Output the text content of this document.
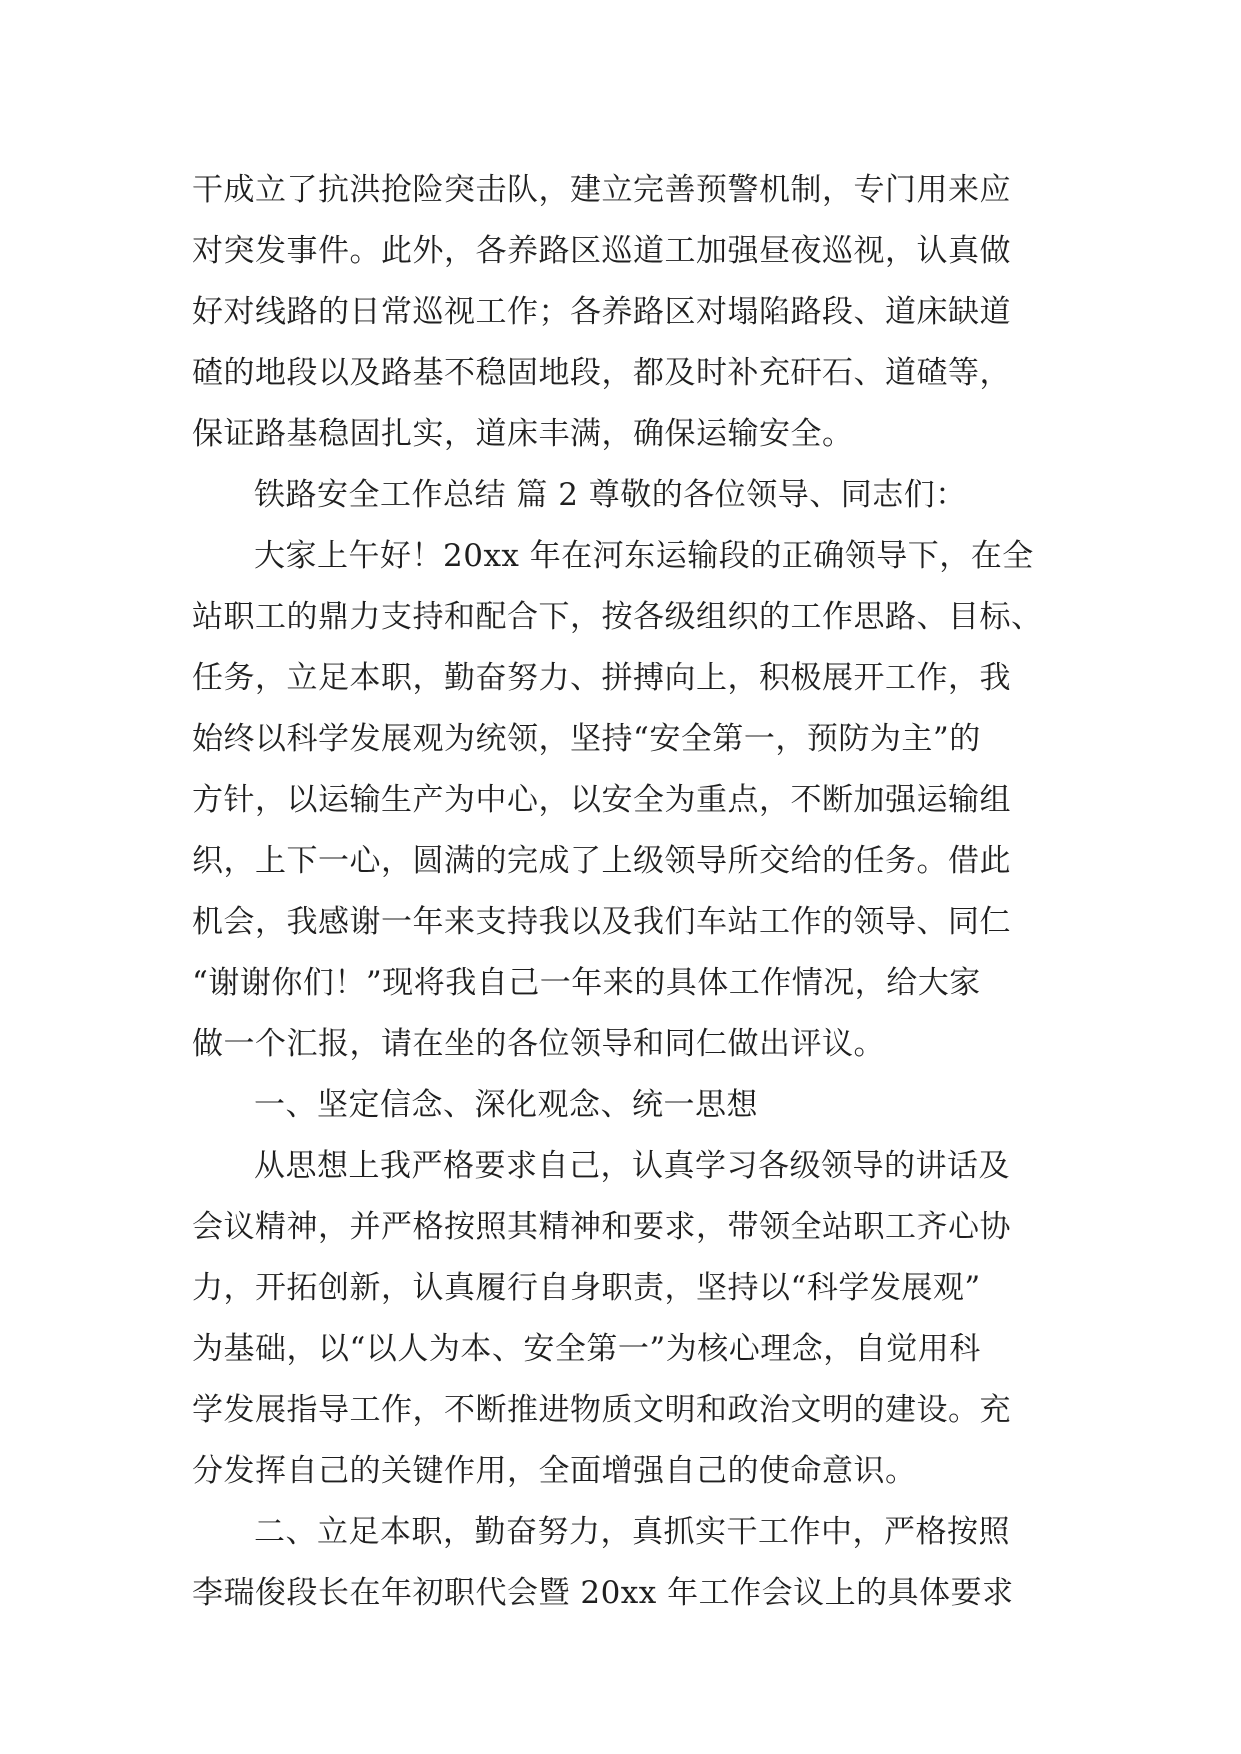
干成立了抗洪抢险突击队，建立完善预警机制，专门用来应
对突发事件。此外，各养路区巡道工加强昼夜巡视，认真做
好对线路的日常巡视工作；各养路区对塌陷路段、道床缺道
碴的地段以及路基不稳固地段，都及时补充矸石、道碴等，
保证路基稳固扎实，道床丰满，确保运输安全。
铁路安全工作总结 篇 2 尊敬的各位领导、同志们：
大家上午好！20xx 年在河东运输段的正确领导下，在全
站职工的鼎力支持和配合下，按各级组织的工作思路、目标、
任务，立足本职，勤奋努力、拼搏向上，积极展开工作，我
始终以科学发展观为统领，坚持“安全第一，预防为主”的
方针，以运输生产为中心，以安全为重点，不断加强运输组
织，上下一心，圆满的完成了上级领导所交给的任务。借此
机会，我感谢一年来支持我以及我们车站工作的领导、同仁
“谢谢你们！”现将我自己一年来的具体工作情况，给大家
做一个汇报，请在坐的各位领导和同仁做出评议。
一、坚定信念、深化观念、统一思想
从思想上我严格要求自己，认真学习各级领导的讲话及
会议精神，并严格按照其精神和要求，带领全站职工齐心协
力，开拓创新，认真履行自身职责，坚持以“科学发展观”
为基础，以“以人为本、安全第一”为核心理念，自觉用科
学发展指导工作，不断推进物质文明和政治文明的建设。充
分发挥自己的关键作用，全面增强自己的使命意识。
二、立足本职，勤奋努力，真抓实干工作中，严格按照
李瑞俊段长在年初职代会暨 20xx 年工作会议上的具体要求
